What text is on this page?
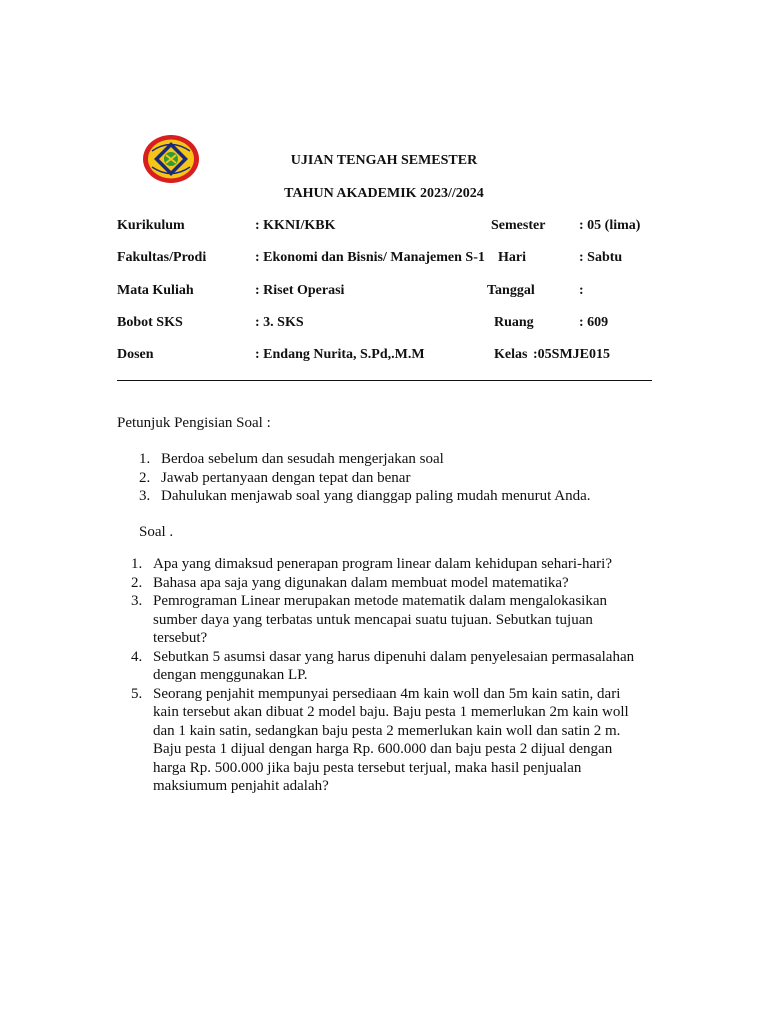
UJIAN TENGAH SEMESTER
TAHUN AKADEMIK 2023//2024
Kurikulum	: KKNI/KBK	Semester : 05 (lima)
Fakultas/Prodi	: Ekonomi dan Bisnis/ Manajemen S-1 Hari	: Sabtu
Mata Kuliah	: Riset Operasi	Tanggal	:
Bobot SKS	: 3. SKS	Ruang	: 609
Dosen	: Endang Nurita, S.Pd,.M.M	Kelas :05SMJE015
Petunjuk Pengisian Soal :
1. Berdoa sebelum dan sesudah mengerjakan soal
2. Jawab pertanyaan dengan tepat dan benar
3. Dahulukan menjawab soal yang dianggap paling mudah menurut Anda.
Soal .
1. Apa yang dimaksud penerapan program linear dalam kehidupan sehari-hari?
2. Bahasa apa saja yang digunakan dalam membuat model matematika?
3. Pemrograman Linear merupakan metode matematik dalam mengalokasikan
sumber daya yang terbatas untuk mencapai suatu tujuan. Sebutkan tujuan
tersebut?
4. Sebutkan 5 asumsi dasar yang harus dipenuhi dalam penyelesaian permasalahan
dengan menggunakan LP.
5. Seorang penjahit mempunyai persediaan 4m kain woll dan 5m kain satin, dari
kain tersebut akan dibuat 2 model baju. Baju pesta 1 memerlukan 2m kain woll
dan 1 kain satin, sedangkan baju pesta 2 memerlukan kain woll dan satin 2 m.
Baju pesta 1 dijual dengan harga Rp. 600.000 dan baju pesta 2 dijual dengan
harga Rp. 500.000 jika baju pesta tersebut terjual, maka hasil penjualan
maksiumum penjahit adalah?
